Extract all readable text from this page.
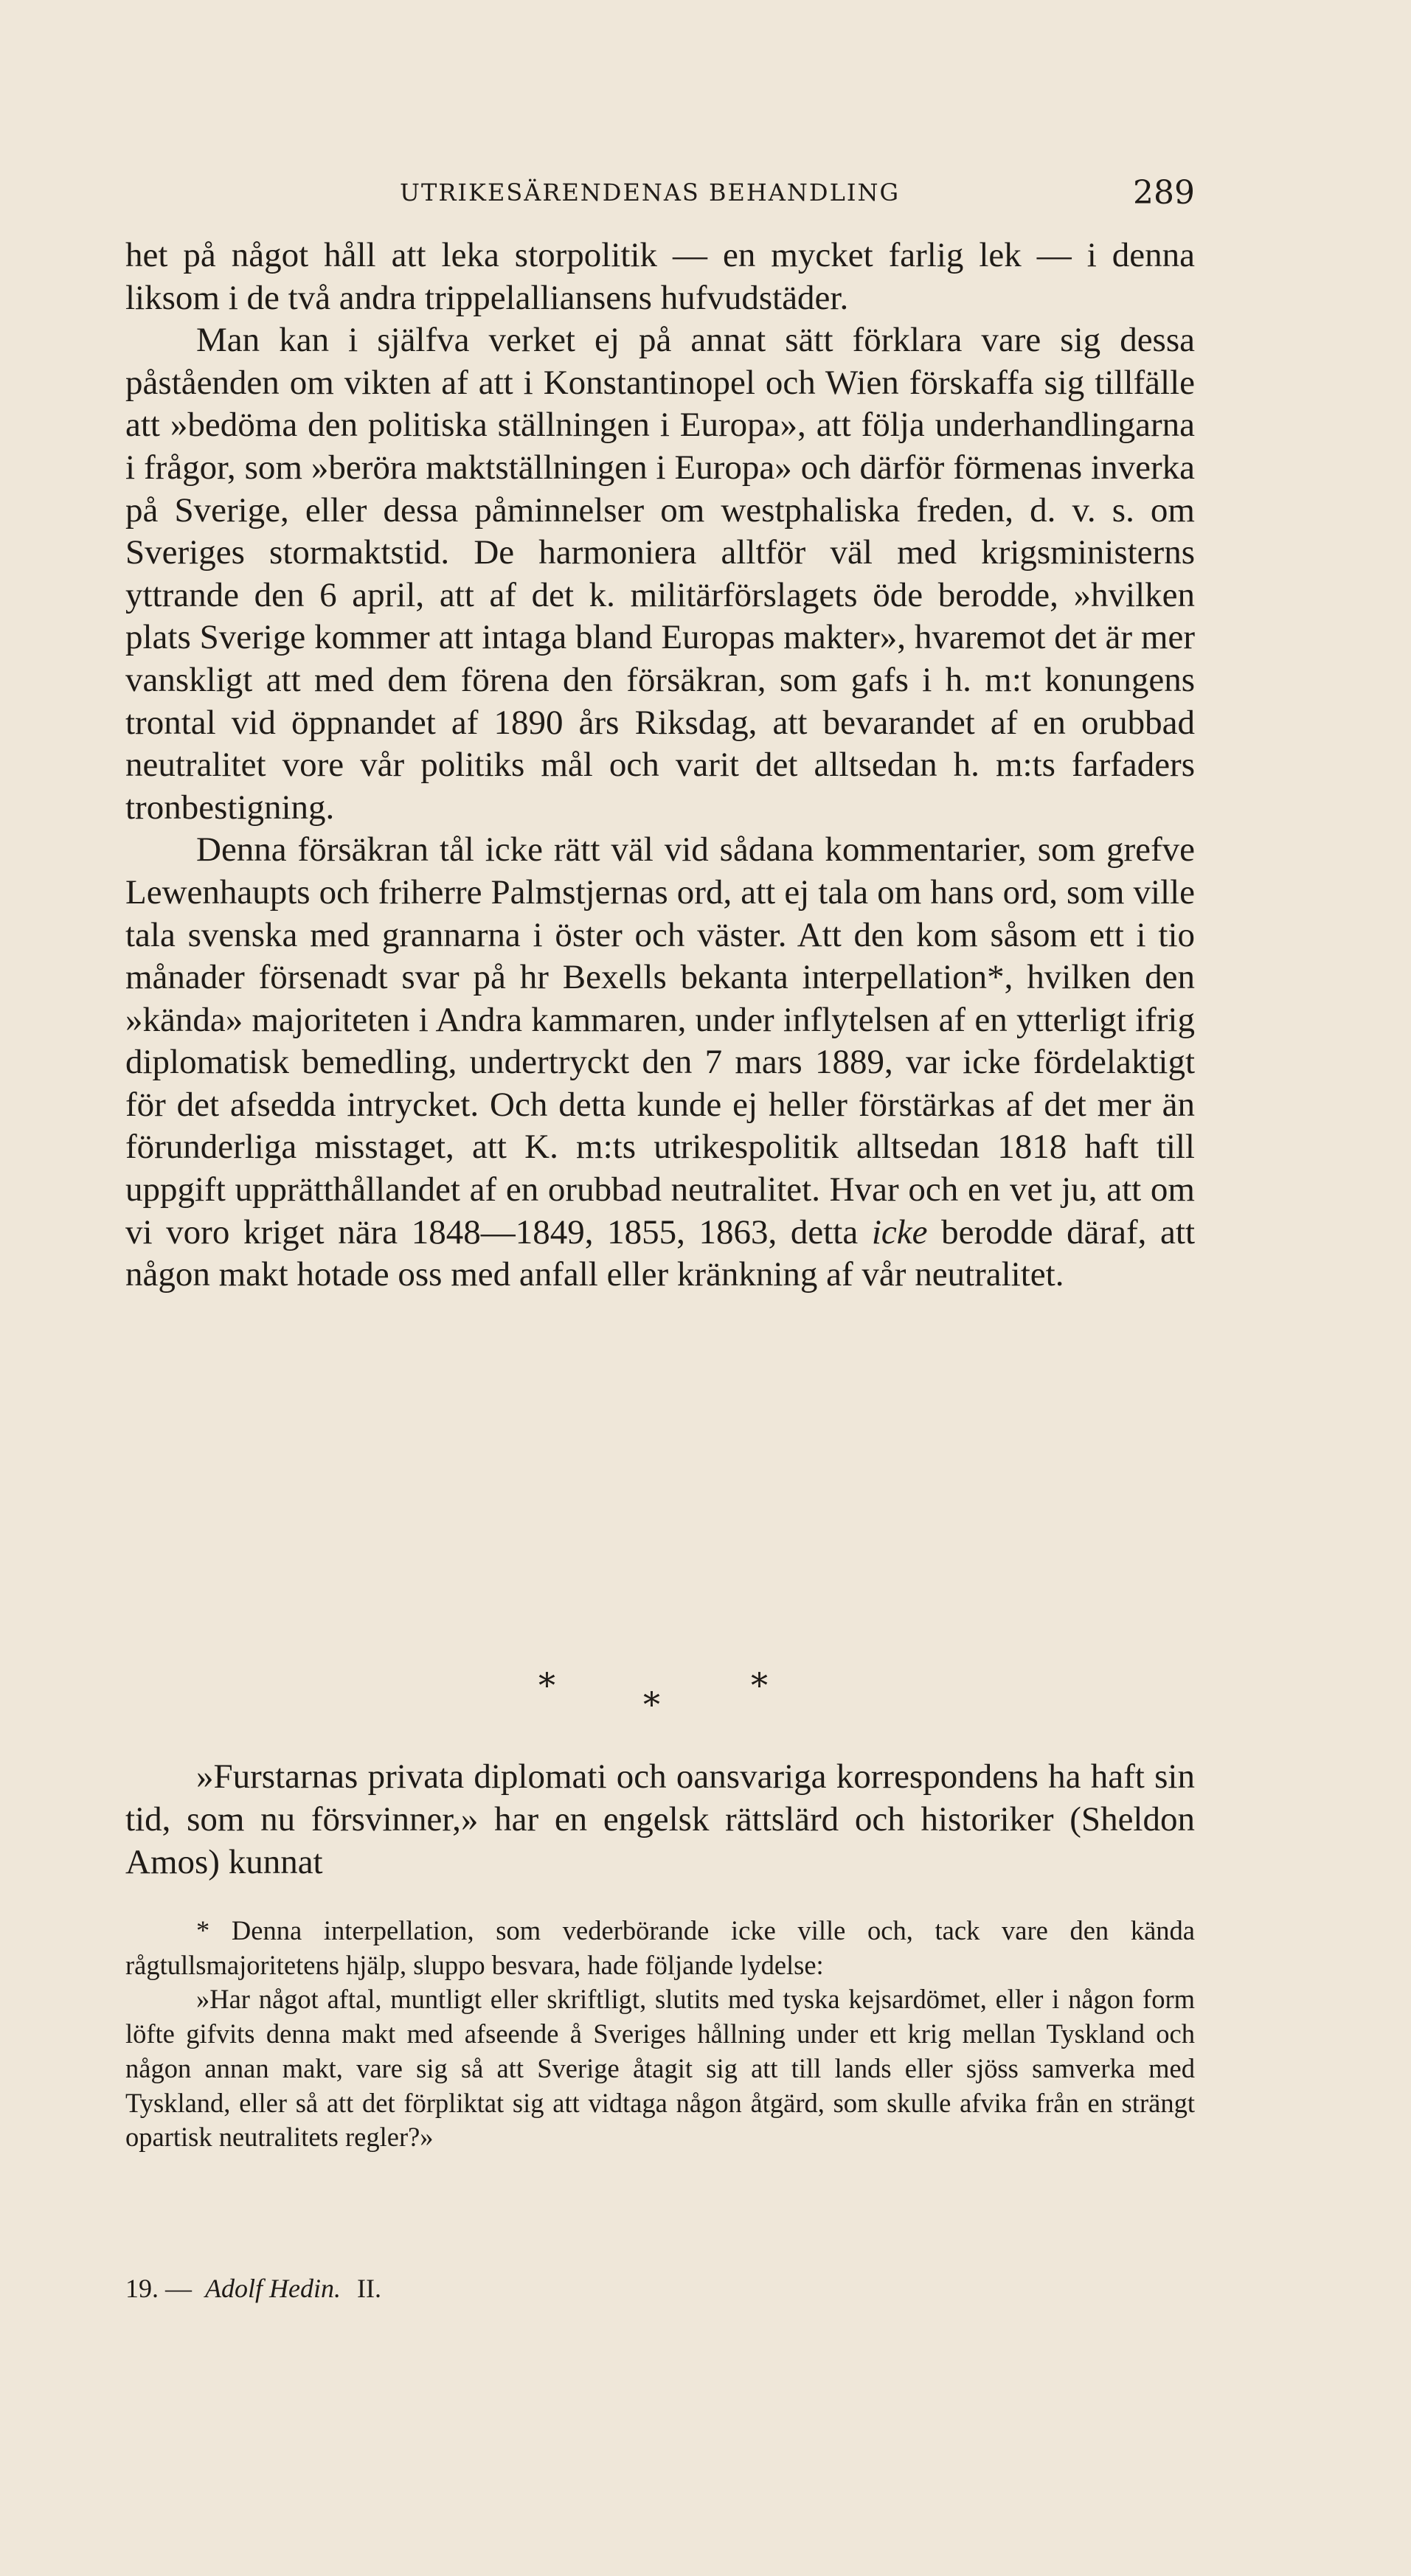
UTRIKESÄRENDENAS BEHANDLING	289

het på något håll att leka storpolitik — en mycket farlig lek — i denna liksom i de två andra trippelalliansens hufvudstäder.

Man kan i själfva verket ej på annat sätt förklara vare sig dessa påståenden om vikten af att i Konstantinopel och Wien förskaffa sig tillfälle att »bedöma den politiska ställningen i Europa», att följa underhandlingarna i frågor, som »beröra maktställningen i Europa» och därför förmenas inverka på Sverige, eller dessa påminnelser om westphaliska freden, d. v. s. om Sveriges stormaktstid. De harmoniera alltför väl med krigsministerns yttrande den 6 april, att af det k. militärförslagets öde berodde, »hvilken plats Sverige kommer att intaga bland Europas makter», hvaremot det är mer vanskligt att med dem förena den försäkran, som gafs i h. m:t konungens trontal vid öppnandet af 1890 års Riksdag, att bevarandet af en orubbad neutralitet vore vår politiks mål och varit det alltsedan h. m:ts farfaders tronbestigning.

Denna försäkran tål icke rätt väl vid sådana kommentarier, som grefve Lewenhaupts och friherre Palmstjernas ord, att ej tala om hans ord, som ville tala svenska med grannarna i öster och väster. Att den kom såsom ett i tio månader försenadt svar på hr Bexells bekanta interpellation*, hvilken den »kända» majoriteten i Andra kammaren, under inflytelsen af en ytterligt ifrig diplomatisk bemedling, undertryckt den 7 mars 1889, var icke fördelaktigt för det afsedda intrycket. Och detta kunde ej heller förstärkas af det mer än förunderliga misstaget, att K. m:ts utrikespolitik alltsedan 1818 haft till uppgift upprätthållandet af en orubbad neutralitet. Hvar och en vet ju, att om vi voro kriget nära 1848—1849, 1855, 1863, detta icke berodde däraf, att någon makt hotade oss med anfall eller kränkning af vår neutralitet.

*	*	*

»Furstarnas privata diplomati och oansvariga korrespondens ha haft sin tid, som nu försvinner,» har en engelsk rättslärd och historiker (Sheldon Amos) kunnat

* Denna interpellation, som vederbörande icke ville och, tack vare den kända rågtullsmajoritetens hjälp, sluppo besvara, hade följande lydelse:

»Har något aftal, muntligt eller skriftligt, slutits med tyska kejsardömet, eller i någon form löfte gifvits denna makt med afseende å Sveriges hållning under ett krig mellan Tyskland och någon annan makt, vare sig så att Sverige åtagit sig att till lands eller sjöss samverka med Tyskland, eller så att det förpliktat sig att vidtaga någon åtgärd, som skulle afvika från en strängt opartisk neutralitets regler?»

19. — Adolf Hedin. II.
